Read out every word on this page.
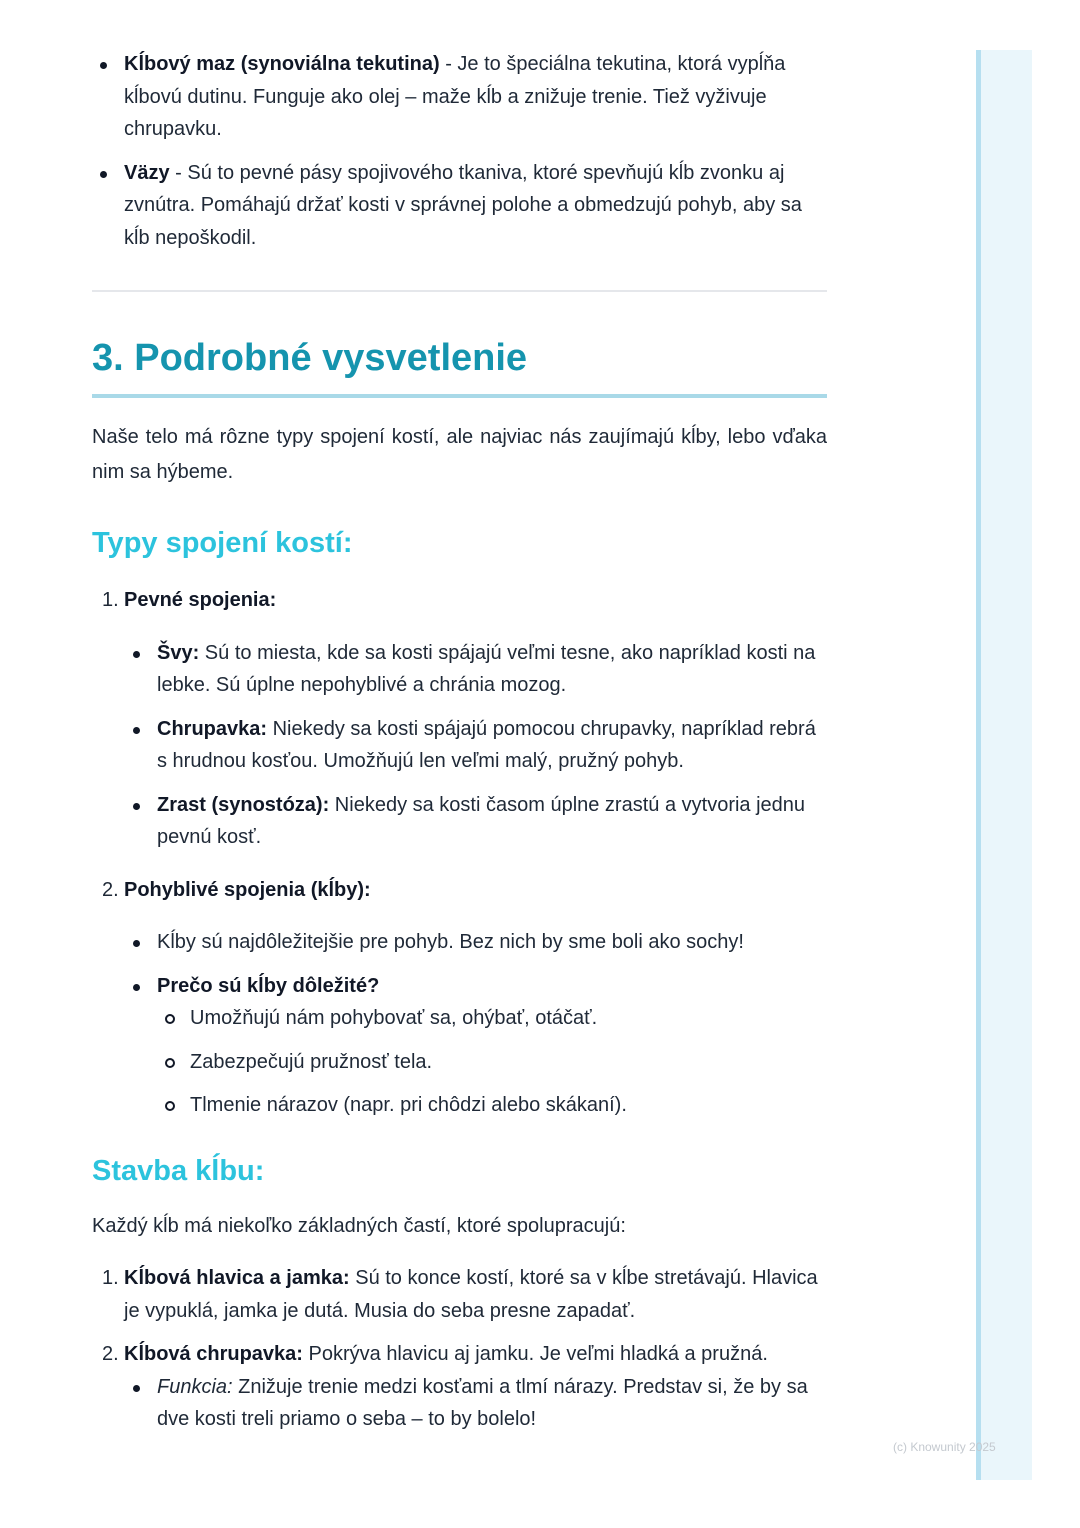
Kĺbový maz (synoviálna tekutina) - Je to špeciálna tekutina, ktorá vypĺňa kĺbovú dutinu. Funguje ako olej – maže kĺb a znižuje trenie. Tiež vyživuje chrupavku.
Väzy - Sú to pevné pásy spojivového tkaniva, ktoré spevňujú kĺb zvonku aj zvnútra. Pomáhajú držať kosti v správnej polohe a obmedzujú pohyb, aby sa kĺb nepoškodil.
3. Podrobné vysvetlenie

Naše telo má rôzne typy spojení kostí, ale najviac nás zaujímajú kĺby, lebo vďaka nim sa hýbeme.

Typy spojení kostí:
1. Pevné spojenia:
Švy: Sú to miesta, kde sa kosti spájajú veľmi tesne, ako napríklad kosti na lebke. Sú úplne nepohyblivé a chránia mozog.
Chrupavka: Niekedy sa kosti spájajú pomocou chrupavky, napríklad rebrá s hrudnou kosťou. Umožňujú len veľmi malý, pružný pohyb.
Zrast (synostóza): Niekedy sa kosti časom úplne zrastú a vytvoria jednu pevnú kosť.
2. Pohyblivé spojenia (kĺby):
Kĺby sú najdôležitejšie pre pohyb. Bez nich by sme boli ako sochy!
Prečo sú kĺby dôležité?
Umožňujú nám pohybovať sa, ohýbať, otáčať.
Zabezpečujú pružnosť tela.
Tlmenie nárazov (napr. pri chôdzi alebo skákaní).
Stavba kĺbu:

Každý kĺb má niekoľko základných častí, ktoré spolupracujú:

1. Kĺbová hlavica a jamka: Sú to konce kostí, ktoré sa v kĺbe stretávajú. Hlavica je vypuklá, jamka je dutá. Musia do seba presne zapadať.
2. Kĺbová chrupavka: Pokrýva hlavicu aj jamku. Je veľmi hladká a pružná.
Funkcia: Znižuje trenie medzi kosťami a tlmí nárazy. Predstav si, že by sa dve kosti treli priamo o seba – to by bolelo!
(c) Knowunity 2025
